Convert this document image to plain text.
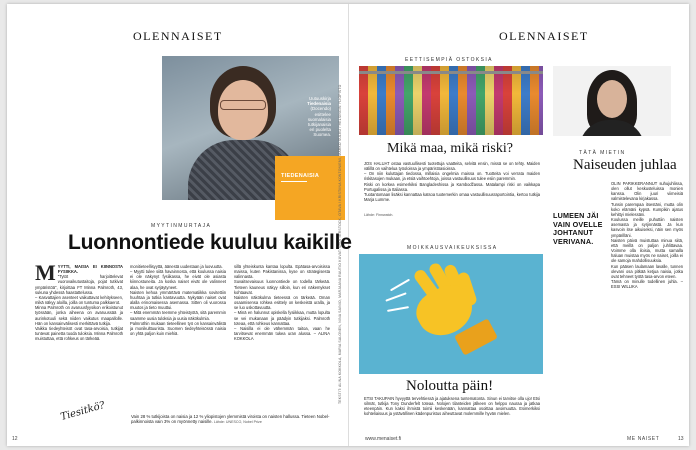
OLENNAISET
Uutuuskirja
Tiedenaisia
(Docendo)
esittelee
suomalaisia
tutkijanaisia
eri puolelta
Suomea.
TIEDENAISIA
MYYTINMURTAJA
Luonnontiede kuuluu kaikille
M YYTTI, MAISIA EI KIINNOSTA FYSIIKKA.

"Tytöt harjoittelevat vuorovaikutustaitoja, pojat tutkivat ympäristöä", kirjoittaa FT Minna Palmroth, 43, sukuna yhdessä haastattelussa.

– Kasvattajien asenteet vaikuttavat kehitykseen, mikä näkyy aloilla, joilla on tuntuma palkkaerot.

Minna Palmroth on avaruusfyysikon erikoistunut työssään, jonka aiheena on avaruussää ja aurinkotuuli sekä niiden vaikutus maapallolle. Hän on kansainvälisesti merkittävä tutkija.

Vaikka tiedeyhteisöt ovat tasa-arvoisia, tutkijat tuntevat painetta tuoda tuloksia. Minna Palmroth muistuttaa, että rohkeus on tärkeää.

monitieteellisyyttä, äänestä uudestaan ja luovuutta.

– Myytti tulee siitä havainnosta, että koulussa naisia ei ole näkynyt fysiikassa, he eivät ole asiasta kiinnostuneita. Ja koska naiset eivät ole valinneet alaa, he ovat syrjäytyneet.

Naisten kehoa ymmärtävä matematiikka sovitettiin huuhtaa ja tutkia kantavuutta. Nykyään naiset ovat alalla erinomaisessa asemassa. Sitten oli vuorossa muutos ja tieto muuttui.

– Mitä enemmän teemme yhteistyötä, sitä paremmin saamme uusia tuloksia ja uusia näkökulmia.

Palmrothin mukaan tieteellinen työ on kansainvälistä ja monikulttuurista. Suomen tiedeyhteisössä naisia on yhtä paljon kuin miehiä.

sillä yhteiskunta kantaa lopulta. Epätasa-arvoisissa maissa, kuten Pakistanissa, kyse on strategisesta valinnasta.

Suvaitsevaisuus luonnontiede on todella tärkeää. Tieteen kauneus näkyy silloin, kun eri näkemykset kohtaavat.

Naisten näkökulma tieteessä on tärkeää. Oman osaamisensa rohkea esittely on keskeistä uralla, ja se luo uskottavuutta.

– Minä en halunnut opiskella fysiikkaa, mutta lopulta se vei mukanaan ja päädyin tutkijaksi. Palmroth toteaa, että rohkeus kannattaa.

– Naisilla ei ole vähemmän taitoa, vaan he tarvitsevat enemmän tukea uran alussa. – ALINA KOKKOLA

Tiesitkö?	Vain 28 % tutkijoista on naisia ja 12 % yliopistojen ylemmistä viroista on naisten hallussa. Tieteen Nobel-palkinnoista vain 3% on myönnetty naisille. Lähde: UNESCO, Nobel Prize
12
TEKSTIT: ALINA KOKKOLA, MARIA SALONEN, NINA SAINIO, MARJAANA RAUTIO KUVAT: SHUTTERSTOCK, OTAVA / KRISTIINA KONTONIEMI, MARKO SULKU / HELSINGIN YLIOPISTO
www.menaiset.fi
OLENNAISET
EETTISEMPIÄ OSTOKSIA
Mikä maa, mikä riski?

JOS HALUAT ostaa vastuullisesti tuotettuja vaatteita, selvitä ensin, missä se on tehty. Maiden välillä on vaihtelua työoloissa ja ympäristöasioissa.

– On niin kuluttajan tiedossa, millaisia ongelmia maissa on. Tuotteita voi verrata maiden riskitasojen mukaan, ja etsiä vaihtoehtoja, joissa vastuullisuus tulee esiin paremmin.

Riski on korkea esimerkiksi Bangladeshissa ja Kambodžassa. Matalampi riski on vaikkapa Portugalissa ja Italiassa.

Tuotantomaan lisäksi kannattaa katsoa tuotemerkin omaa vastuullisuusraportointia, kertoo tutkija Marja Lumme.

Lähde: Finnwatch.
MOIKKAUSVAIKEUKSISSA
Noloutta päin!
ETSI TAKUPAIN hyvyyttä tervehtiessä ja ajatuksena tuntematonta. Sinun ei tarvitse olla ujo! Etsi silmät, tutkija Tony Dunderfelt toteaa. Nolojen tilanteiden jälkeen on helppo nauraa ja jatkaa eteenpäin. Kun kaksi ihmistä toimii keskenään, kannattaa osoittaa avoimuutta. Esimerkiksi kohteliaisuus ja ystävällinen kädenpuristus aiheuttavat molemmille hyvän mielen.
TÄTÄ MIETIN
Naiseuden juhlaa

OLIN PARIKKERANNUT suhujuhlissa, olen ollut keskusteluissa monien kanssa. Olin juuri viimeisiä valmistelevana kirjakassa.

Tunsin parempaa itsestäni, mutta olin koko elämäni kypsä. Kumpikin ajatus kehittyi mielessäni.

Koulussa meille puhuttiin naisten asemasta ja syrjinnästä. Ja kun kasvoin itse aikuiseksi, näin sen myös ympärilläni.

Naisten päivä muistuttaa minua siitä, että meillä on paljon juhlittavaa. Voimme olla iloisia, mutta samalla haluan muistaa myös ne naiset, joilla ei ole samoja mahdollisuuksia.

Kun pääsen laulamaan lavalle, tunnen olevani osa pitkää ketjua naisia, jotka ovat tehneet työtä tasa-arvon eteen.

Tämä on minulle todellinen juhla. – ESSI WILLIKA

LUMEEN JÄI VAIN OVELLE JOHTANUT VERIVANA.
ME NAISET	13
